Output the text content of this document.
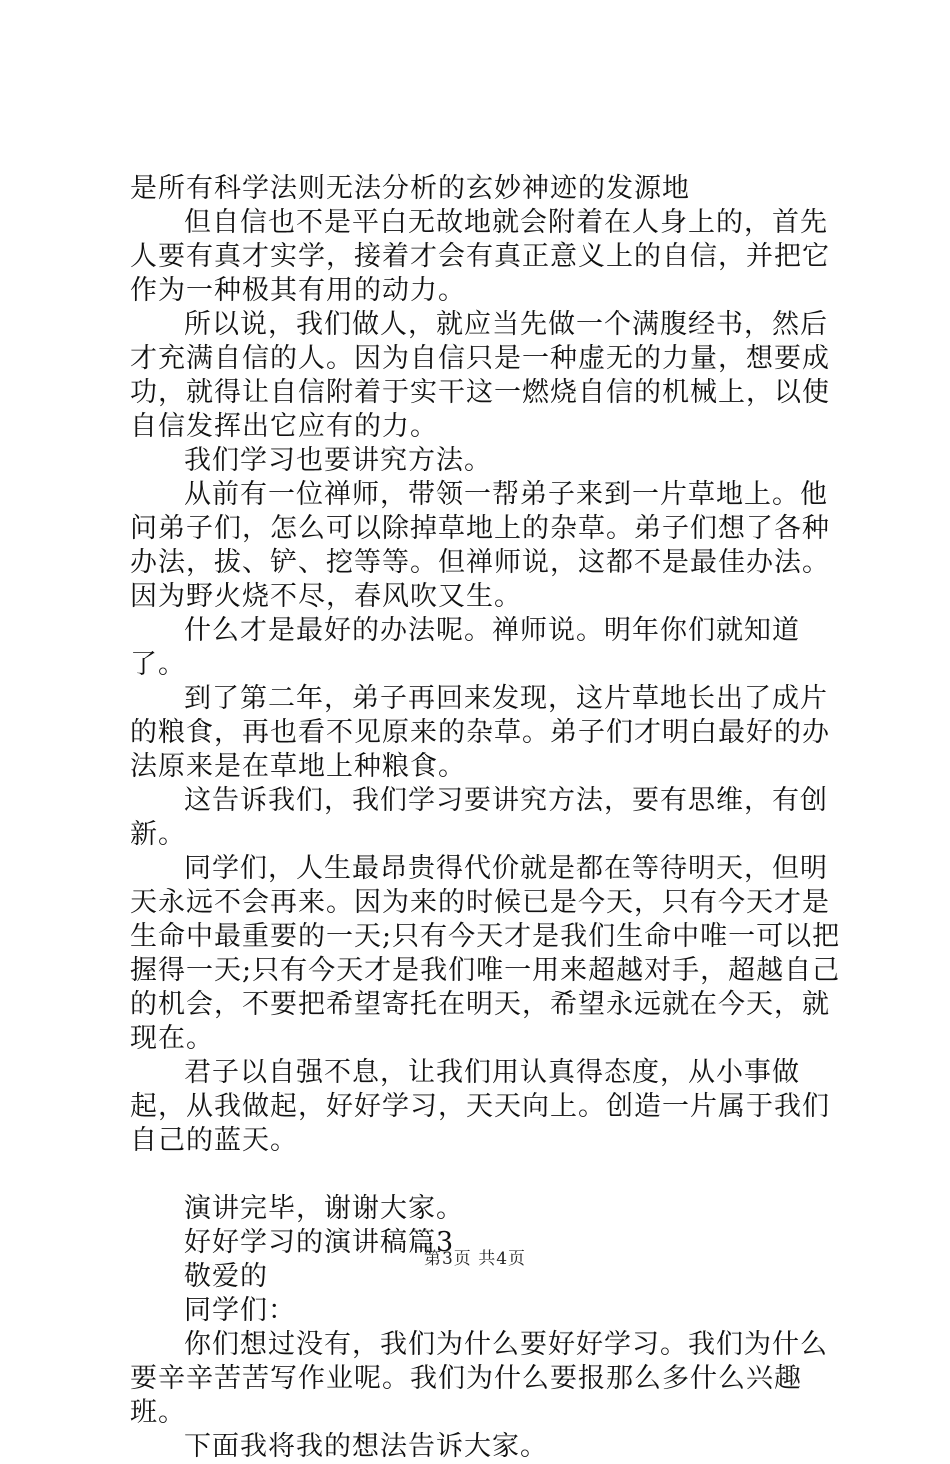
是所有科学法则无法分析的玄妙神迹的发源地

但自信也不是平白无故地就会附着在人身上的，首先人要有真才实学，接着才会有真正意义上的自信，并把它作为一种极其有用的动力。

所以说，我们做人，就应当先做一个满腹经书，然后才充满自信的人。因为自信只是一种虚无的力量，想要成功，就得让自信附着于实干这一燃烧自信的机械上，以使自信发挥出它应有的力。

我们学习也要讲究方法。

从前有一位禅师，带领一帮弟子来到一片草地上。他问弟子们，怎么可以除掉草地上的杂草。弟子们想了各种办法，拔、铲、挖等等。但禅师说，这都不是最佳办法。因为野火烧不尽，春风吹又生。

什么才是最好的办法呢。禅师说。明年你们就知道了。

到了第二年，弟子再回来发现，这片草地长出了成片的粮食，再也看不见原来的杂草。弟子们才明白最好的办法原来是在草地上种粮食。

这告诉我们，我们学习要讲究方法，要有思维，有创新。

同学们，人生最昂贵得代价就是都在等待明天，但明天永远不会再来。因为来的时候已是今天，只有今天才是生命中最重要的一天;只有今天才是我们生命中唯一可以把握得一天;只有今天才是我们唯一用来超越对手，超越自己的机会，不要把希望寄托在明天，希望永远就在今天，就现在。

君子以自强不息，让我们用认真得态度，从小事做起，从我做起，好好学习，天天向上。创造一片属于我们自己的蓝天。

演讲完毕，谢谢大家。

好好学习的演讲稿篇3

敬爱的

同学们：

你们想过没有，我们为什么要好好学习。我们为什么要辛辛苦苦写作业呢。我们为什么要报那么多什么兴趣班。

下面我将我的想法告诉大家。

第3页 共4页
